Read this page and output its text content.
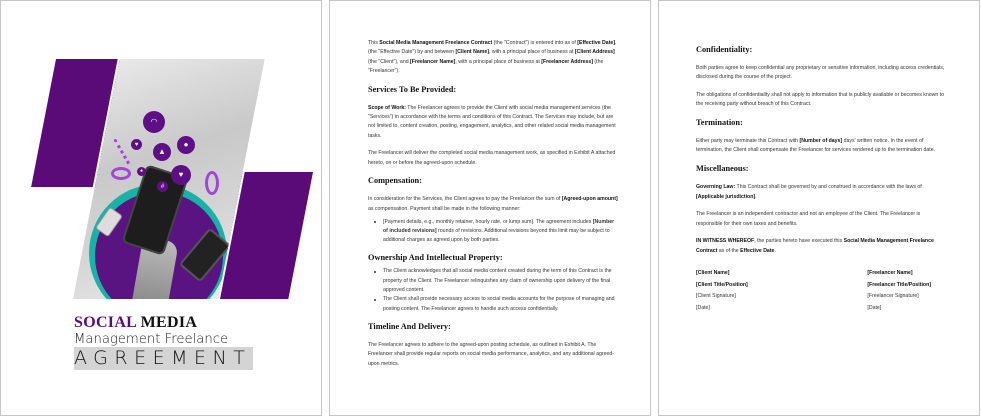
◠
♥
▲
●
♥
●
#
SOCIAL MEDIA
Management Freelance
AGREEMENT

This Social Media Management Freelance Contract (the "Contract") is entered into as of [Effective Date], (the "Effective Date") by and between [Client Name], with a principal place of business at [Client Address] (the "Client"), and [Freelancer Name], with a principal place of business at [Freelancer Address] (the "Freelancer").

Services To Be Provided:

Scope of Work: The Freelancer agrees to provide the Client with social media management services (the "Services") in accordance with the terms and conditions of this Contract. The Services may include, but are not limited to, content creation, posting, engagement, analytics, and other related social media management tasks.

The Freelancer will deliver the completed social media management work, as specified in Exhibit A attached hereto, on or before the agreed-upon schedule.

Compensation:

In consideration for the Services, the Client agrees to pay the Freelancer the sum of [Agreed-upon amount] as compensation. Payment shall be made in the following manner:

[Payment details, e.g., monthly retainer, hourly rate, or lump sum]. The agreement includes [Number of included revisions] rounds of revisions. Additional revisions beyond this limit may be subject to additional charges as agreed upon by both parties.
Ownership And Intellectual Property:
The Client acknowledges that all social media content created during the term of this Contract is the property of the Client. The Freelancer relinquishes any claim of ownership upon delivery of the final approved content.
The Client shall provide necessary access to social media accounts for the purpose of managing and posting content. The Freelancer agrees to handle such access confidentially.
Timeline And Delivery:

The Freelancer agrees to adhere to the agreed-upon posting schedule, as outlined in Exhibit A. The Freelancer shall provide regular reports on social media performance, analytics, and any additional agreed-upon metrics.

Confidentiality:

Both parties agree to keep confidential any proprietary or sensitive information, including access credentials, disclosed during the course of the project.

The obligations of confidentiality shall not apply to information that is publicly available or becomes known to the receiving party without breach of this Contract.

Termination:

Either party may terminate this Contract with [Number of days] days' written notice. In the event of termination, the Client shall compensate the Freelancer for services rendered up to the termination date.

Miscellaneous:

Governing Law: This Contract shall be governed by and construed in accordance with the laws of [Applicable jurisdiction].

The Freelancer is an independent contractor and not an employee of the Client. The Freelancer is responsible for their own taxes and benefits.

IN WITNESS WHEREOF, the parties hereto have executed this Social Media Management Freelance Contract as of the Effective Date.

[Client Name]
[Client Title/Position]
[Client Signature]
[Date]
[Freelancer Name]
[Freelancer Title/Position]
[Freelancer Signature]
[Date]
